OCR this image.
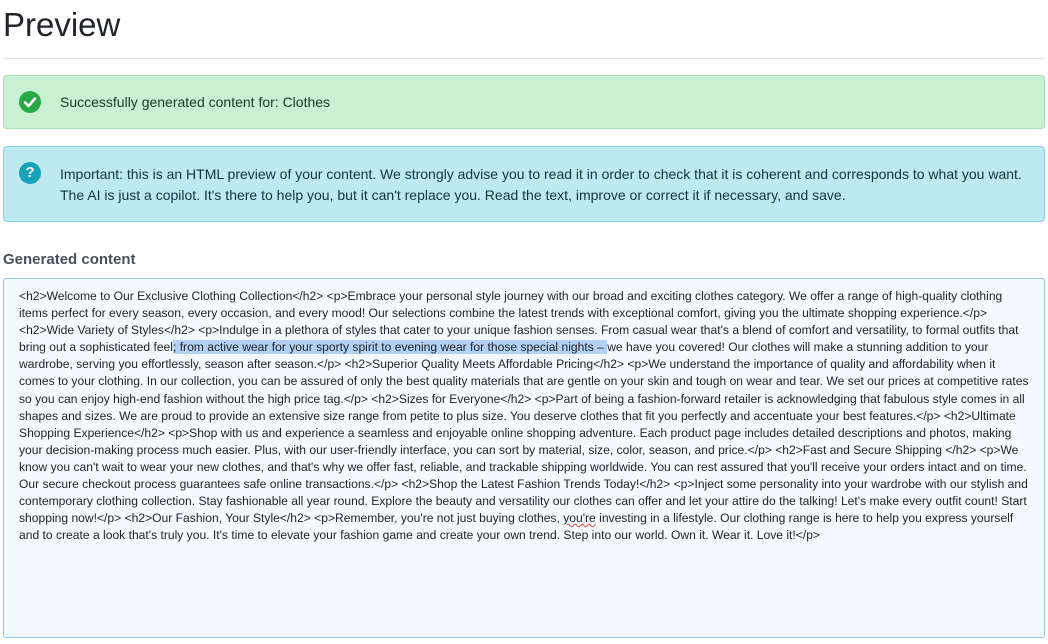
Preview
Successfully generated content for: Clothes
?	Important: this is an HTML preview of your content. We strongly advise you to read it in order to check that it is coherent and corresponds to what you want. The AI is just a copilot. It's there to help you, but it can't replace you. Read the text, improve or correct it if necessary, and save.
Generated content
<h2>Welcome to Our Exclusive Clothing Collection</h2> <p>Embrace your personal style journey with our broad and exciting clothes category. We offer a range of high-quality clothing items perfect for every season, every occasion, and every mood! Our selections combine the latest trends with exceptional comfort, giving you the ultimate shopping experience.</p> <h2>Wide Variety of Styles</h2> <p>Indulge in a plethora of styles that cater to your unique fashion senses. From casual wear that's a blend of comfort and versatility, to formal outfits that bring out a sophisticated feel; from active wear for your sporty spirit to evening wear for those special nights – we have you covered! Our clothes will make a stunning addition to your wardrobe, serving you effortlessly, season after season.</p> <h2>Superior Quality Meets Affordable Pricing</h2> <p>We understand the importance of quality and affordability when it comes to your clothing. In our collection, you can be assured of only the best quality materials that are gentle on your skin and tough on wear and tear. We set our prices at competitive rates so you can enjoy high-end fashion without the high price tag.</p> <h2>Sizes for Everyone</h2> <p>Part of being a fashion-forward retailer is acknowledging that fabulous style comes in all shapes and sizes. We are proud to provide an extensive size range from petite to plus size. You deserve clothes that fit you perfectly and accentuate your best features.</p> <h2>Ultimate Shopping Experience</h2> <p>Shop with us and experience a seamless and enjoyable online shopping adventure. Each product page includes detailed descriptions and photos, making your decision-making process much easier. Plus, with our user-friendly interface, you can sort by material, size, color, season, and price.</p> <h2>Fast and Secure Shipping </h2> <p>We know you can't wait to wear your new clothes, and that's why we offer fast, reliable, and trackable shipping worldwide. You can rest assured that you'll receive your orders intact and on time. Our secure checkout process guarantees safe online transactions.</p> <h2>Shop the Latest Fashion Trends Today!</h2> <p>Inject some personality into your wardrobe with our stylish and contemporary clothing collection. Stay fashionable all year round. Explore the beauty and versatility our clothes can offer and let your attire do the talking! Let's make every outfit count! Start shopping now!</p> <h2>Our Fashion, Your Style</h2> <p>Remember, you're not just buying clothes, you're investing in a lifestyle. Our clothing range is here to help you express yourself and to create a look that's truly you. It's time to elevate your fashion game and create your own trend. Step into our world. Own it. Wear it. Love it!</p>
